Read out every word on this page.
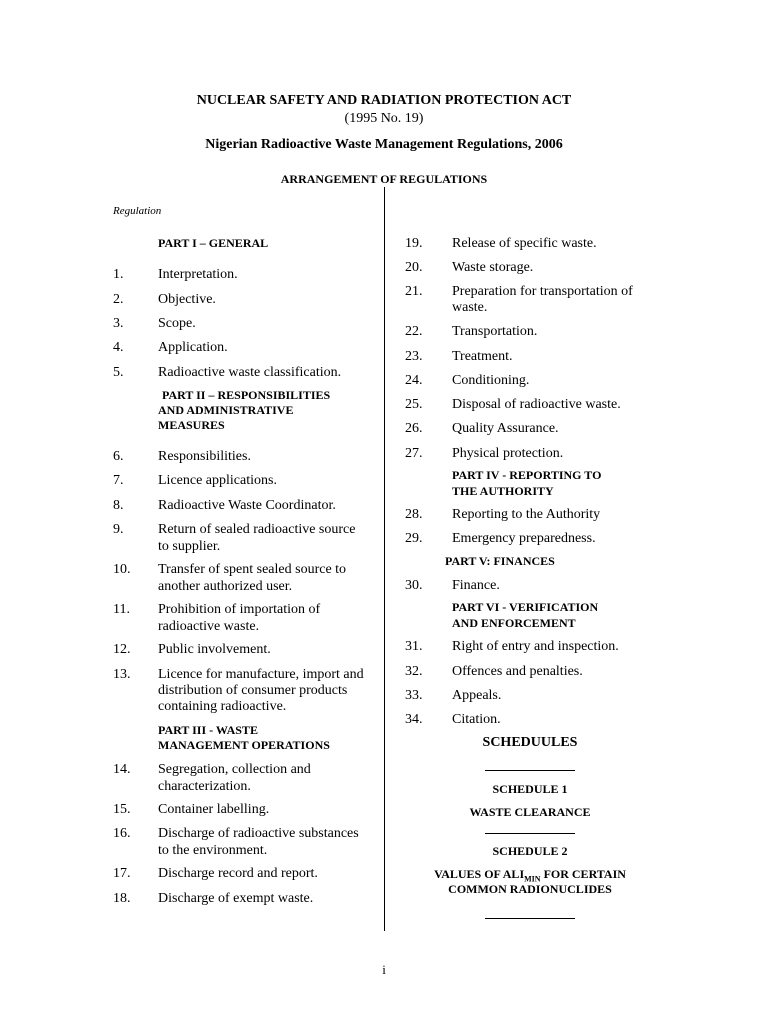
NUCLEAR SAFETY AND RADIATION PROTECTION ACT
(1995 No. 19)
Nigerian Radioactive Waste Management Regulations, 2006
ARRANGEMENT OF REGULATIONS
Regulation
PART I – GENERAL
1. Interpretation.
2. Objective.
3. Scope.
4. Application.
5. Radioactive waste classification.
PART II – RESPONSIBILITIES
AND ADMINISTRATIVE
MEASURES
6. Responsibilities.
7. Licence applications.
8. Radioactive Waste Coordinator.
9. Return of sealed radioactive source
to supplier.
10. Transfer of spent sealed source to
another authorized user.
11. Prohibition of importation of
radioactive waste.
12. Public involvement.
13. Licence for manufacture, import and
distribution of consumer products
containing radioactive.
PART III - WASTE
MANAGEMENT OPERATIONS
14. Segregation, collection and
characterization.
15. Container labelling.
16. Discharge of radioactive substances
to the environment.
17. Discharge record and report.
18. Discharge of exempt waste.
19. Release of specific waste.
20. Waste storage.
21. Preparation for transportation of
waste.
22. Transportation.
23. Treatment.
24. Conditioning.
25. Disposal of radioactive waste.
26. Quality Assurance.
27. Physical protection.
PART IV - REPORTING TO
THE AUTHORITY
28. Reporting to the Authority
29. Emergency preparedness.
PART V: FINANCES
30. Finance.
PART VI - VERIFICATION
AND ENFORCEMENT
31. Right of entry and inspection.
32. Offences and penalties.
33. Appeals.
34. Citation.
SCHEDUULES
SCHEDULE 1
WASTE CLEARANCE
SCHEDULE 2
VALUES OF $ALI_{MIN}$ FOR CERTAIN
COMMON RADIONUCLIDES
i
